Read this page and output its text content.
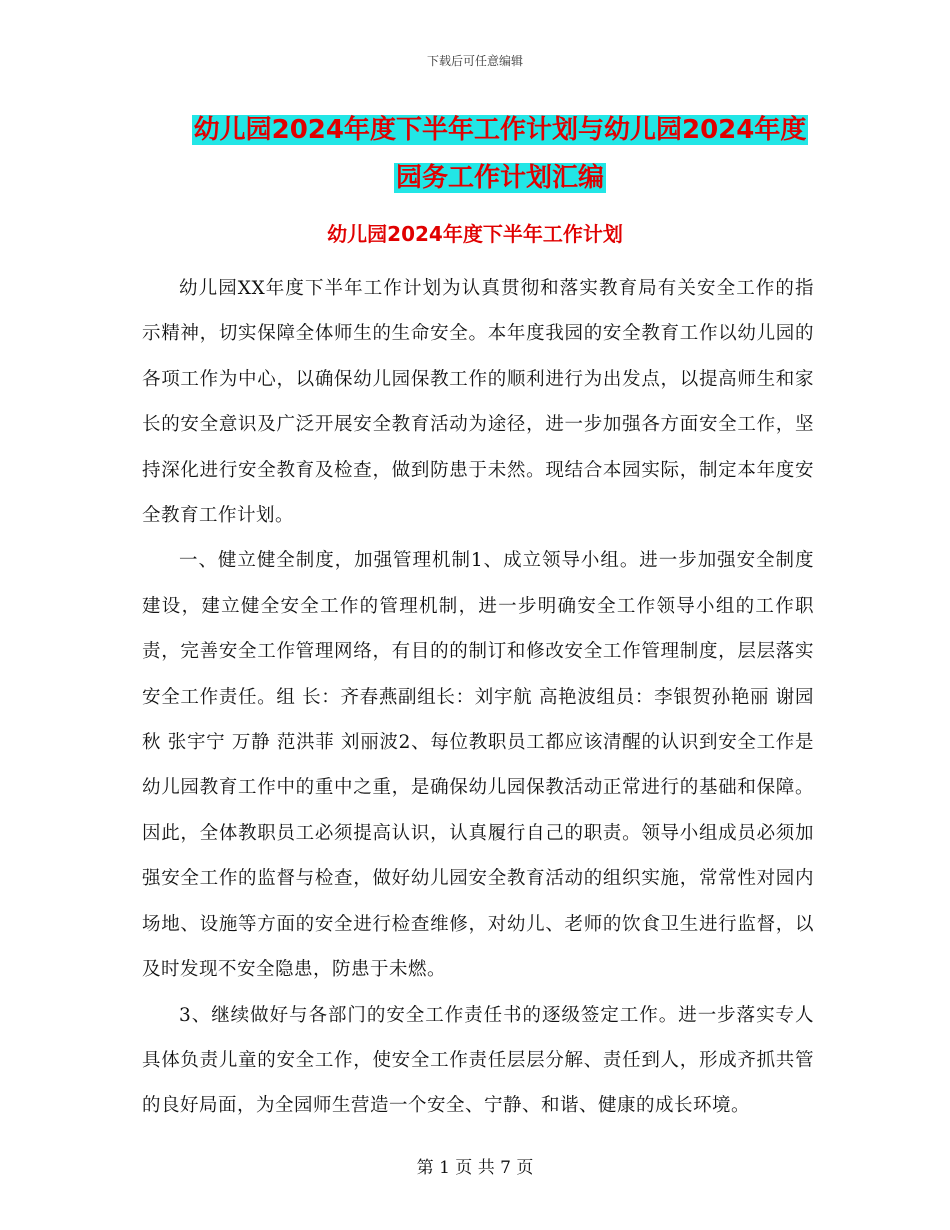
下载后可任意编辑
幼儿园2024年度下半年工作计划与幼儿园2024年度
园务工作计划汇编
幼儿园2024年度下半年工作计划

幼儿园XX年度下半年工作计划为认真贯彻和落实教育局有关安全工作的指示精神，切实保障全体师生的生命安全。本年度我园的安全教育工作以幼儿园的各项工作为中心，以确保幼儿园保教工作的顺利进行为出发点，以提高师生和家长的安全意识及广泛开展安全教育活动为途径，进一步加强各方面安全工作，坚持深化进行安全教育及检查，做到防患于未然。现结合本园实际，制定本年度安全教育工作计划。

一、健立健全制度，加强管理机制1、成立领导小组。进一步加强安全制度建设，建立健全安全工作的管理机制，进一步明确安全工作领导小组的工作职责，完善安全工作管理网络，有目的的制订和修改安全工作管理制度，层层落实安全工作责任。组 长：齐春燕副组长：刘宇航 高艳波组员：李银贺孙艳丽 谢园秋 张宇宁 万静 范洪菲 刘丽波2、每位教职员工都应该清醒的认识到安全工作是幼儿园教育工作中的重中之重，是确保幼儿园保教活动正常进行的基础和保障。因此，全体教职员工必须提高认识，认真履行自己的职责。领导小组成员必须加强安全工作的监督与检查，做好幼儿园安全教育活动的组织实施，常常性对园内场地、设施等方面的安全进行检查维修，对幼儿、老师的饮食卫生进行监督，以及时发现不安全隐患，防患于未燃。

3、继续做好与各部门的安全工作责任书的逐级签定工作。进一步落实专人具体负责儿童的安全工作，使安全工作责任层层分解、责任到人，形成齐抓共管的良好局面，为全园师生营造一个安全、宁静、和谐、健康的成长环境。

第 1 页 共 7 页
